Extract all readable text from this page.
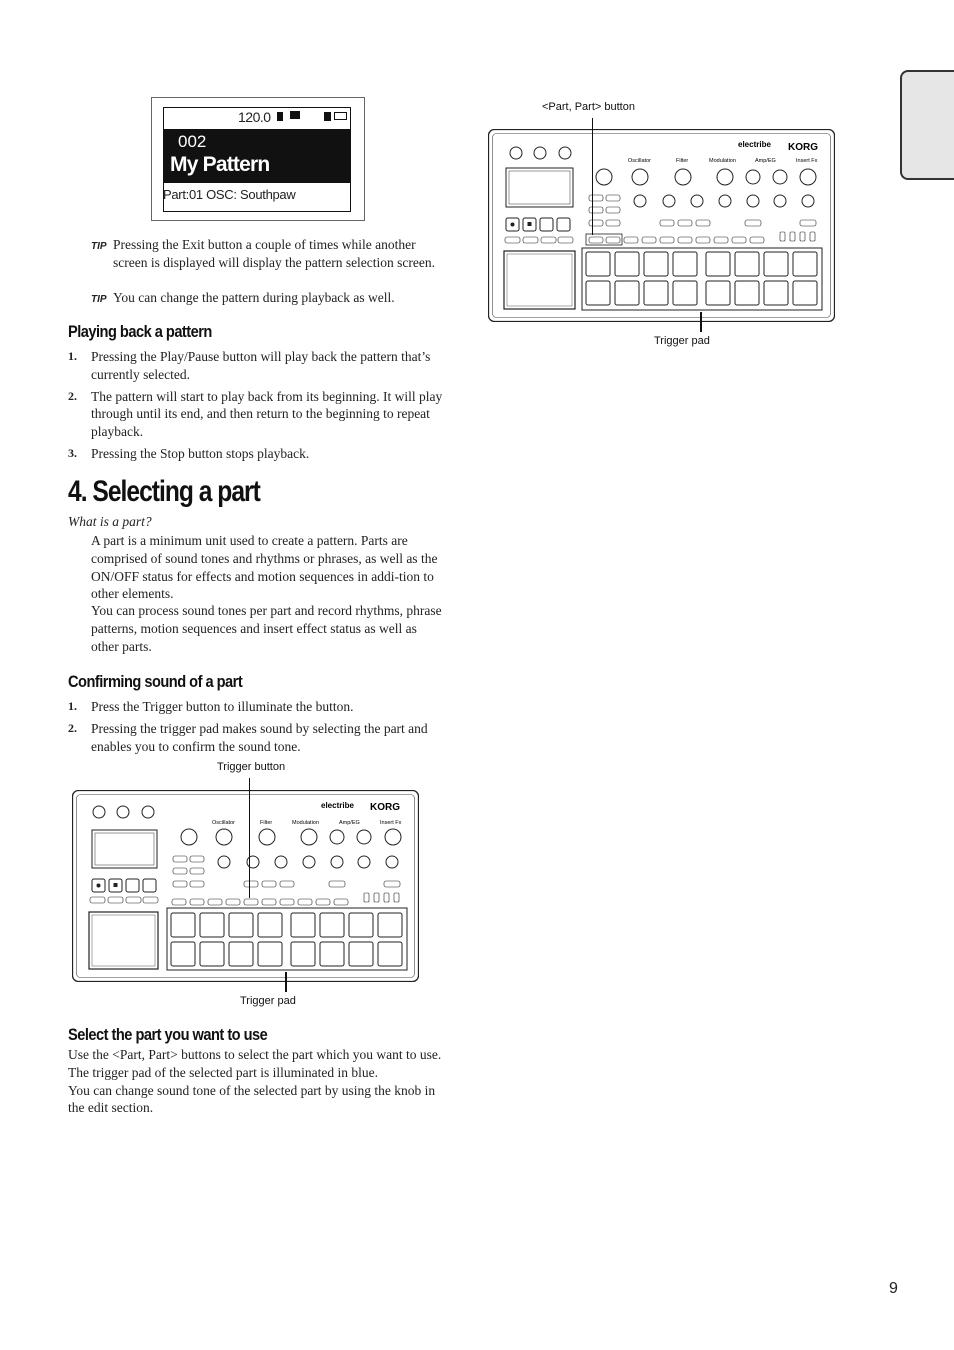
120.0
002
My Pattern
Part:01 OSC: Southpaw
TIP Pressing the Exit button a couple of times while another screen is displayed will display the pattern selection screen.
TIP You can change the pattern during playback as well.
Playing back a pattern
1. Pressing the Play/Pause button will play back the pattern that’s currently selected.
2. The pattern will start to play back from its beginning. It will play through until its end, and then return to the beginning to repeat playback.
3. Pressing the Stop button stops playback.
4. Selecting a part
What is a part?
A part is a minimum unit used to create a pattern. Parts are comprised of sound tones and rhythms or phrases, as well as the ON/OFF status for effects and motion sequences in addi-tion to other elements.
You can process sound tones per part and record rhythms, phrase patterns, motion sequences and insert effect status as well as other parts.
Confirming sound of a part
1. Press the Trigger button to illuminate the button.
2. Pressing the trigger pad makes sound by selecting the part and enables you to confirm the sound tone.
Trigger button
electribe KORG
Oscillator	Filter	Modulation	Amp/EG	Insert Fx
Trigger pad
Select the part you want to use
Use the <Part, Part> buttons to select the part which you want to use.
The trigger pad of the selected part is illuminated in blue.
You can change sound tone of the selected part by using the knob in the edit section.
<Part, Part> button
electribe KORG
Oscillator	Filter	Modulation	Amp/EG	Insert Fx
Trigger pad
9
